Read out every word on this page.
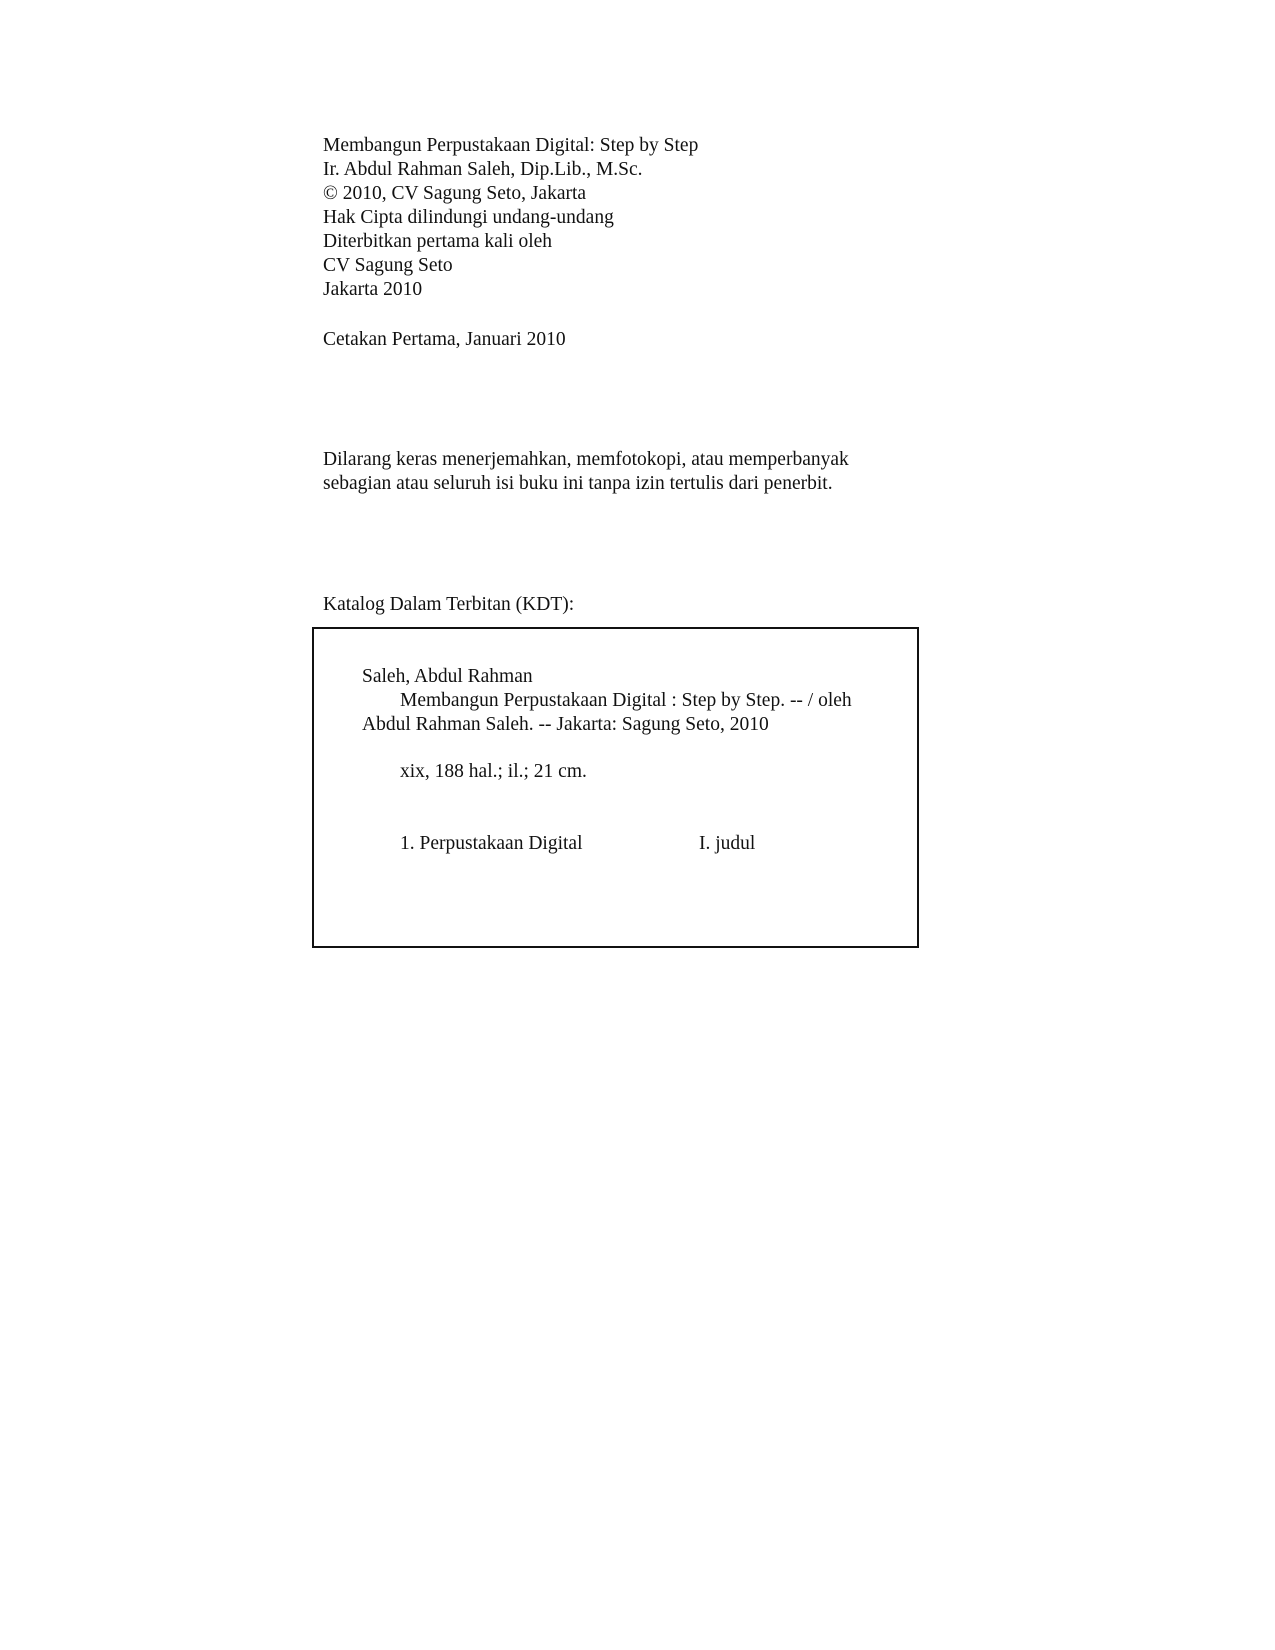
Membangun Perpustakaan Digital: Step by Step
Ir. Abdul Rahman Saleh, Dip.Lib., M.Sc.
© 2010, CV Sagung Seto, Jakarta
Hak Cipta dilindungi undang-undang
Diterbitkan pertama kali oleh
CV Sagung Seto
Jakarta 2010
Cetakan Pertama, Januari 2010
Dilarang keras menerjemahkan, memfotokopi, atau memperbanyak
sebagian atau seluruh isi buku ini tanpa izin tertulis dari penerbit.
Katalog Dalam Terbitan (KDT):
Saleh, Abdul Rahman
Membangun Perpustakaan Digital : Step by Step. -- / oleh
Abdul Rahman Saleh. -- Jakarta: Sagung Seto, 2010
xix, 188 hal.; il.; 21 cm.
1. Perpustakaan Digital	I. judul
